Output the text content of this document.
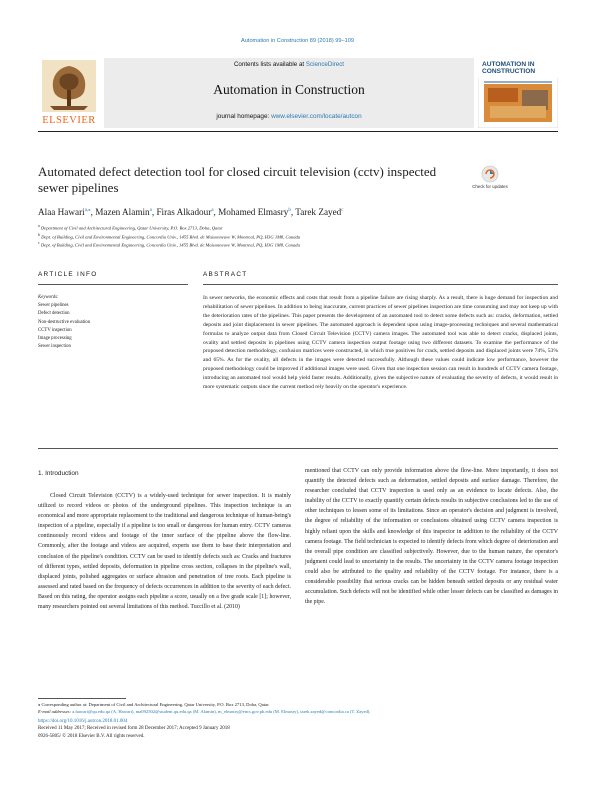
Automation in Construction 89 (2018) 99–109
ELSEVIER
Contents lists available at ScienceDirect
Automation in Construction
journal homepage: www.elsevier.com/locate/autcon
AUTOMATION IN
CONSTRUCTION
Automated defect detection tool for closed circuit television (cctv) inspected sewer pipelines	Check for updates
Alaa Hawari$^{a,⁎}$, Mazen Alamin$^a$, Firas Alkadour$^a$, Mohamed Elmasry$^b$, Tarek Zayed$^c$
$^a$ Department of Civil and Architectural Engineering, Qatar University, P.O. Box 2713, Doha, Qatar
$^b$ Dept. of Building, Civil and Environmental Engineering, Concordia Univ., 1455 Blvd. de Maisonneuve W, Montreal, PQ, H3G 1M8, Canada
$^c$ Dept. of Building, Civil and Environmental Engineering, Concordia Univ., 1455 Blvd. de Maisonneuve W, Montreal, PQ, H3G 1M8, Canada
ARTICLE INFO	ABSTRACT
Keywords:
Sewer pipelines
Defect detection
Non-destructive evaluation
CCTV inspection
Image processing
Sewer inspection
In sewer networks, the economic effects and costs that result from a pipeline failure are rising sharply. As a result, there is huge demand for inspection and rehabilitation of sewer pipelines. In addition to being inaccurate, current practices of sewer pipelines inspection are time consuming and may not keep up with the deterioration rates of the pipelines. This paper presents the development of an automated tool to detect some defects such as: cracks, deformation, settled deposits and joint displacement in sewer pipelines. The automated approach is dependent upon using image-processing techniques and several mathematical formulas to analyze output data from Closed Circuit Television (CCTV) camera images. The automated tool was able to detect cracks, displaced joints, ovality and settled deposits in pipelines using CCTV camera inspection output footage using two different datasets. To examine the performance of the proposed detection methodology, confusion matrices were constructed, in which true positives for crack, settled deposits and displaced joints were 74%, 53% and 65%. As for the ovality, all defects in the images were detected successfully. Although these values could indicate low performance, however the proposed methodology could be improved if additional images were used. Given that one inspection session can result in hundreds of CCTV camera footage, introducing an automated tool would help yield faster results. Additionally, given the subjective nature of evaluating the severity of defects, it would result in more systematic outputs since the current method rely heavily on the operator's experience.
1. Introduction
Closed Circuit Television (CCTV) is a widely-used technique for sewer inspection. It is mainly utilized to record videos or photos of the underground pipelines. This inspection technique is an economical and more appropriate replacement to the traditional and dangerous technique of human-being's inspection of a pipeline, especially if a pipeline is too small or dangerous for human entry. CCTV cameras continuously record videos and footage of the inner surface of the pipeline above the flow-line. Commonly, after the footage and videos are acquired, experts use them to base their interpretation and conclusion of the pipeline's condition. CCTV can be used to identify defects such as: Cracks and fractures of different types, settled deposits, deformation in pipeline cross section, collapses in the pipeline's wall, displaced joints, polished aggregates or surface abrasion and penetration of tree roots. Each pipeline is assessed and rated based on the frequency of defects occurrences in addition to the severity of each defect. Based on this rating, the operator assigns each pipeline a score, usually on a five grade scale [1]; however, many researchers pointed out several limitations of this method. Tuccillo et al. (2010)
mentioned that CCTV can only provide information above the flow-line. More importantly, it does not quantify the detected defects such as deformation, settled deposits and surface damage. Therefore, the researcher concluded that CCTV inspection is used only as an evidence to locate defects. Also, the inability of the CCTV to exactly quantify certain defects results in subjective conclusions led to the use of other techniques to lessen some of its limitations. Since an operator's decision and judgment is involved, the degree of reliability of the information or conclusions obtained using CCTV camera inspection is highly reliant upon the skills and knowledge of this inspector in addition to the reliability of the CCTV camera footage. The field technician is expected to identify defects from which degree of deterioration and the overall pipe condition are classified subjectively. However, due to the human nature, the operator's judgment could lead to uncertainty in the results. The uncertainty in the CCTV camera footage inspection could also be attributed to the quality and reliability of the CCTV footage. For instance, there is a considerable possibility that serious cracks can be hidden beneath settled deposits or any residual water accumulation. Such defects will not be identified while other lesser defects can be classified as damages in the pipe.
⁎ Corresponding author at: Department of Civil and Architectural Engineering, Qatar University, P.O. Box 2713, Doha, Qatar.
E-mail addresses: a.hawari@qu.edu.qa (A. Hawari), ma092502@student.qu.edu.qa (M. Alamin), m_elmasry@encs.gov.ph.edu (M. Elmasry), tarek.zayed@concordia.ca (T. Zayed).
https://doi.org/10.1016/j.autcon.2018.01.004
Received 11 May 2017; Received in revised form 28 December 2017; Accepted 9 January 2018
0926-5805/ © 2018 Elsevier B.V. All rights reserved.
